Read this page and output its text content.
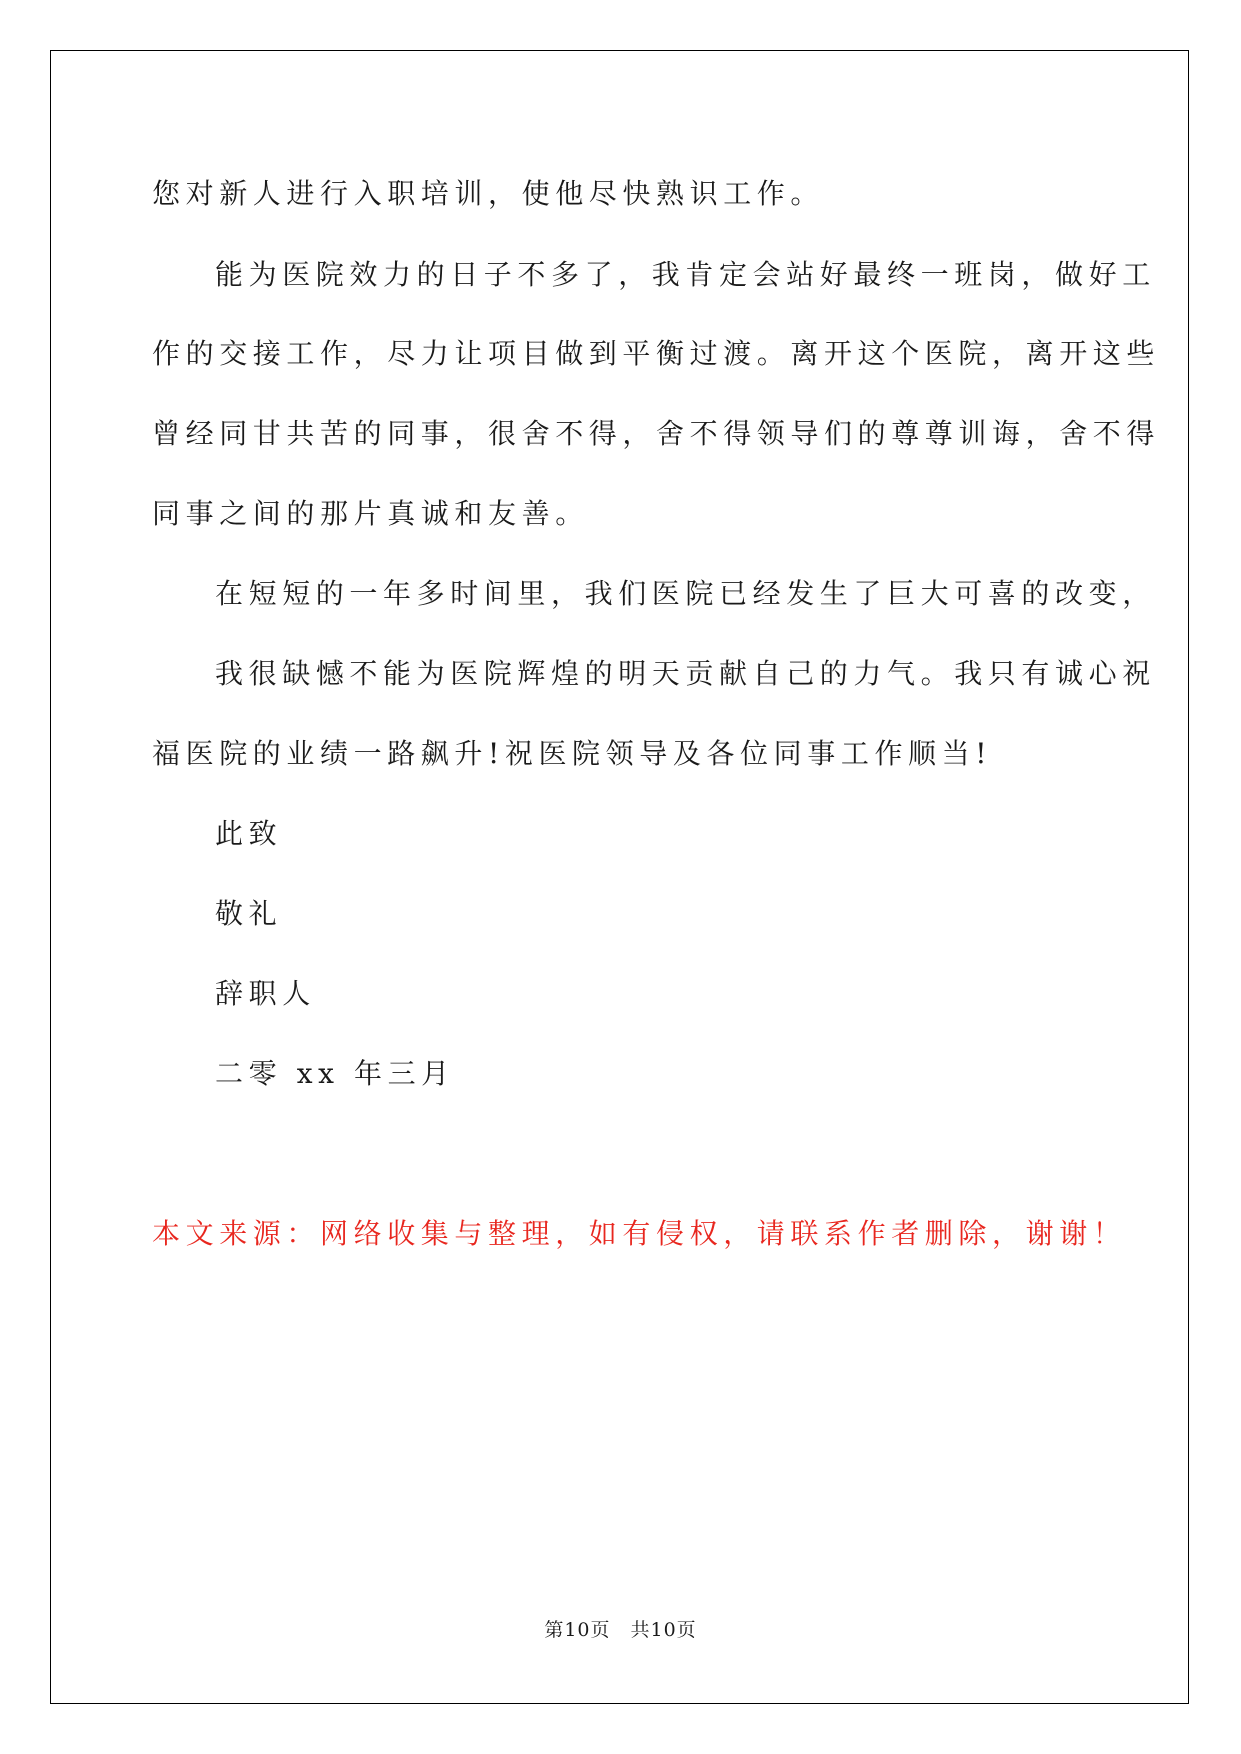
您对新人进行入职培训，使他尽快熟识工作。
能为医院效力的日子不多了，我肯定会站好最终一班岗，做好工
作的交接工作，尽力让项目做到平衡过渡。离开这个医院，离开这些
曾经同甘共苦的同事，很舍不得，舍不得领导们的尊尊训诲，舍不得
同事之间的那片真诚和友善。
在短短的一年多时间里，我们医院已经发生了巨大可喜的改变，
我很缺憾不能为医院辉煌的明天贡献自己的力气。我只有诚心祝
福医院的业绩一路飙升!祝医院领导及各位同事工作顺当!
此致
敬礼
辞职人
二零 xx 年三月
本文来源：网络收集与整理，如有侵权，请联系作者删除，谢谢！
第10页 共10页
